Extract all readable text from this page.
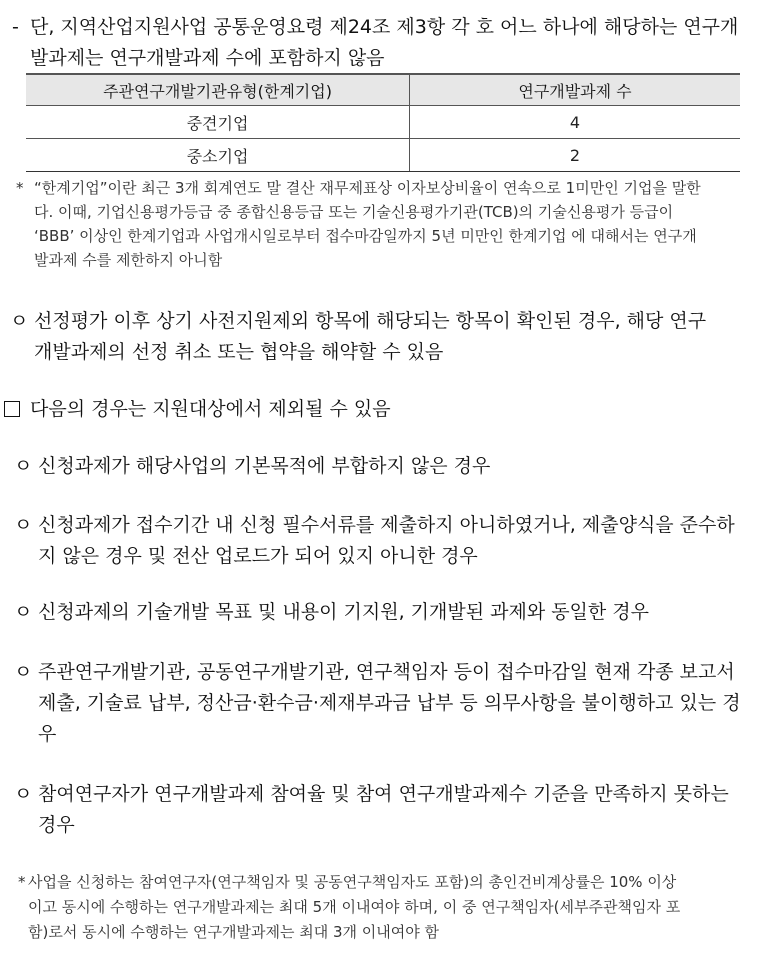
- 단, 지역산업지원사업 공통운영요령 제24조 제3항 각 호 어느 하나에 해당하는 연구개
발과제는 연구개발과제 수에 포함하지 않음
주관연구개발기관유형(한계기업)	연구개발과제 수
중견기업	4
중소기업	2
* “한계기업”이란 최근 3개 회계연도 말 결산 재무제표상 이자보상비율이 연속으로 1미만인 기업을 말한
다. 이때, 기업신용평가등급 중 종합신용등급 또는 기술신용평가기관(TCB)의 기술신용평가 등급이
‘BBB’ 이상인 한계기업과 사업개시일로부터 접수마감일까지 5년 미만인 한계기업 에 대해서는 연구개
발과제 수를 제한하지 아니함
ㅇ 선정평가 이후 상기 사전지원제외 항목에 해당되는 항목이 확인된 경우, 해당 연구
개발과제의 선정 취소 또는 협약을 해약할 수 있음
다음의 경우는 지원대상에서 제외될 수 있음
ㅇ 신청과제가 해당사업의 기본목적에 부합하지 않은 경우
ㅇ 신청과제가 접수기간 내 신청 필수서류를 제출하지 아니하였거나, 제출양식을 준수하
지 않은 경우 및 전산 업로드가 되어 있지 아니한 경우
ㅇ 신청과제의 기술개발 목표 및 내용이 기지원, 기개발된 과제와 동일한 경우
ㅇ 주관연구개발기관, 공동연구개발기관, 연구책임자 등이 접수마감일 현재 각종 보고서
제출, 기술료 납부, 정산금·환수금·제재부과금 납부 등 의무사항을 불이행하고 있는 경
우
ㅇ 참여연구자가 연구개발과제 참여율 및 참여 연구개발과제수 기준을 만족하지 못하는
경우
* 사업을 신청하는 참여연구자(연구책임자 및 공동연구책임자도 포함)의 총인건비계상률은 10% 이상
이고 동시에 수행하는 연구개발과제는 최대 5개 이내여야 하며, 이 중 연구책임자(세부주관책임자 포
함)로서 동시에 수행하는 연구개발과제는 최대 3개 이내여야 함
